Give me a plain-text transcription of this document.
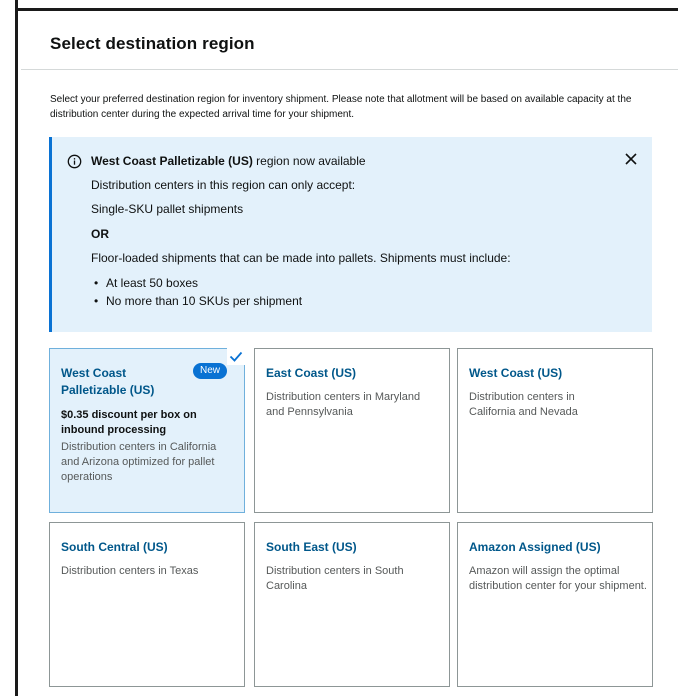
Select destination region

Select your preferred destination region for inventory shipment. Please note that allotment will be based on available capacity at the distribution center during the expected arrival time for your shipment.

West Coast Palletizable (US) region now available
Distribution centers in this region can only accept:
Single-SKU pallet shipments
OR
Floor-loaded shipments that can be made into pallets. Shipments must include:
• At least 50 boxes
• No more than 10 SKUs per shipment
West Coast Palletizable (US)
New
$0.35 discount per box on inbound processing
Distribution centers in California and Arizona optimized for pallet operations
East Coast (US)
Distribution centers in Maryland and Pennsylvania
West Coast (US)
Distribution centers in California and Nevada
South Central (US)
Distribution centers in Texas
South East (US)
Distribution centers in South Carolina
Amazon Assigned (US)
Amazon will assign the optimal distribution center for your shipment.
